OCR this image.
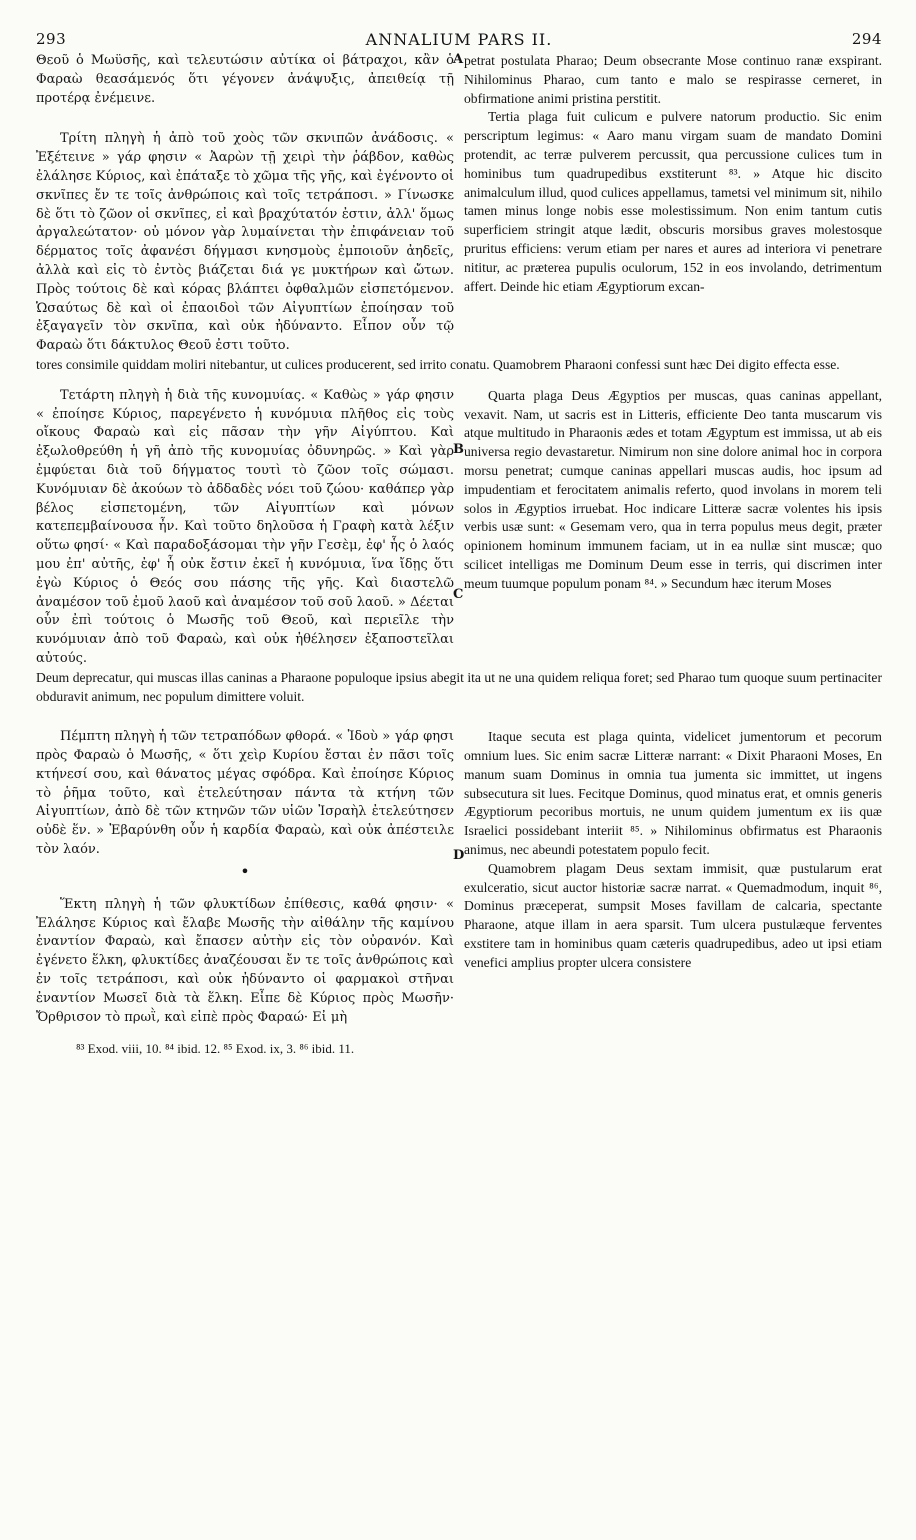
293	ANNALIUM PARS II.	294
A
B

Θεοῦ ὁ Μωϋσῆς, καὶ τελευτώσιν αὐτίκα οἱ βάτραχοι, κἂν ὁ Φαραὼ θεασάμενός ὅτι γέγονεν ἀνάψυξις, ἀπειθείᾳ τῇ προτέρᾳ ἐνέμεινε.

Τρίτη πληγὴ ἡ ἀπὸ τοῦ χοὸς τῶν σκνιπῶν ἀνάδοσις. « Ἐξέτεινε » γάρ φησιν « Ἀαρὼν τῇ χειρὶ τὴν ῥάβδον, καθὼς ἐλάλησε Κύριος, καὶ ἐπάταξε τὸ χῶμα τῆς γῆς, καὶ ἐγένοντο οἱ σκνῖπες ἔν τε τοῖς ἀνθρώποις καὶ τοῖς τετράποσι. » Γίνωσκε δὲ ὅτι τὸ ζῶον οἱ σκνῖπες, εἰ καὶ βραχύτατόν ἐστιν, ἀλλ' ὅμως ἀργαλεώτατον· οὐ μόνον γὰρ λυμαίνεται τὴν ἐπιφάνειαν τοῦ δέρματος τοῖς ἀφανέσι δήγμασι κνησμοὺς ἐμποιοῦν ἀηδεῖς, ἀλλὰ καὶ εἰς τὸ ἐντὸς βιάζεται διά γε μυκτήρων καὶ ὤτων. Πρὸς τούτοις δὲ καὶ κόρας βλάπτει ὀφθαλμῶν εἰσπετόμενον. Ὡσαύτως δὲ καὶ οἱ ἐπαοιδοὶ τῶν Αἰγυπτίων ἐποίησαν τοῦ ἐξαγαγεῖν τὸν σκνῖπα, καὶ οὐκ ἠδύναντο. Εἶπον οὖν τῷ Φαραὼ ὅτι δάκτυλος Θεοῦ ἐστι τοῦτο.

petrat postulata Pharao; Deum obsecrante Mose continuo ranæ exspirant. Nihilominus Pharao, cum tanto e malo se respirasse cerneret, in obfirmatione animi pristina perstitit.

Tertia plaga fuit culicum e pulvere natorum productio. Sic enim perscriptum legimus: « Aaro manu virgam suam de mandato Domini protendit, ac terræ pulverem percussit, qua percussione culices tum in hominibus tum quadrupedibus exstiterunt ⁸³. » Atque hic discito animalculum illud, quod culices appellamus, tametsi vel minimum sit, nihilo tamen minus longe nobis esse molestissimum. Non enim tantum cutis superficiem stringit atque lædit, obscuris morsibus graves molestosque pruritus efficiens: verum etiam per nares et aures ad interiora vi penetrare nititur, ac præterea pupulis oculorum, 152 in eos involando, detrimentum affert. Deinde hic etiam Ægyptiorum excan-

tores consimile quiddam moliri nitebantur, ut culices producerent, sed irrito conatu. Quamobrem Pharaoni confessi sunt hæc Dei digito effecta esse.

C

Τετάρτη πληγὴ ἡ διὰ τῆς κυνομυίας. « Καθὼς » γάρ φησιν « ἐποίησε Κύριος, παρεγένετο ἡ κυνόμυια πλῆθος εἰς τοὺς οἴκους Φαραὼ καὶ εἰς πᾶσαν τὴν γῆν Αἰγύπτου. Καὶ ἐξωλοθρεύθη ἡ γῆ ἀπὸ τῆς κυνομυίας ὀδυνηρῶς. » Καὶ γὰρ ἐμφύεται διὰ τοῦ δήγματος τουτὶ τὸ ζῶον τοῖς σώμασι. Κυνόμυιαν δὲ ἀκούων τὸ ἀδδαδὲς νόει τοῦ ζώου· καθάπερ γὰρ βέλος εἰσπετομένη, τῶν Αἰγυπτίων καὶ μόνων κατεπεμβαίνουσα ἦν. Καὶ τοῦτο δηλοῦσα ἡ Γραφὴ κατὰ λέξιν οὕτω φησί· « Καὶ παραδοξάσομαι τὴν γῆν Γεσὲμ, ἐφ' ἧς ὁ λαός μου ἐπ' αὐτῆς, ἐφ' ἧ οὐκ ἔστιν ἐκεῖ ἡ κυνόμυια, ἵνα ἴδῃς ὅτι ἐγὼ Κύριος ὁ Θεός σου πάσης τῆς γῆς. Καὶ διαστελῶ ἀναμέσον τοῦ ἐμοῦ λαοῦ καὶ ἀναμέσον τοῦ σοῦ λαοῦ. » Δέεται οὖν ἐπὶ τούτοις ὁ Μωσῆς τοῦ Θεοῦ, καὶ περιεῖλε τὴν κυνόμυιαν ἀπὸ τοῦ Φαραὼ, καὶ οὐκ ἠθέλησεν ἐξαποστεῖλαι αὐτούς.

Quarta plaga Deus Ægyptios per muscas, quas caninas appellant, vexavit. Nam, ut sacris est in Litteris, efficiente Deo tanta muscarum vis atque multitudo in Pharaonis ædes et totam Ægyptum est immissa, ut ab eis universa regio devastaretur. Nimirum non sine dolore animal hoc in corpora morsu penetrat; cumque caninas appellari muscas audis, hoc ipsum ad impudentiam et ferocitatem animalis referto, quod involans in morem teli solos in Ægyptios irruebat. Hoc indicare Litteræ sacræ volentes his ipsis verbis usæ sunt: « Gesemam vero, qua in terra populus meus degit, præter opinionem hominum immunem faciam, ut in ea nullæ sint muscæ; quo scilicet intelligas me Dominum Deum esse in terris, qui discrimen inter meum tuumque populum ponam ⁸⁴. » Secundum hæc iterum Moses

Deum deprecatur, qui muscas illas caninas a Pharaone populoque ipsius abegit ita ut ne una quidem reliqua foret; sed Pharao tum quoque suum pertinaciter obduravit animum, nec populum dimittere voluit.

D

Πέμπτη πληγὴ ἡ τῶν τετραπόδων φθορά. « Ἰδοὺ » γάρ φησι πρὸς Φαραὼ ὁ Μωσῆς, « ὅτι χεὶρ Κυρίου ἔσται ἐν πᾶσι τοῖς κτήνεσί σου, καὶ θάνατος μέγας σφόδρα. Καὶ ἐποίησε Κύριος τὸ ῥῆμα τοῦτο, καὶ ἐτελεύτησαν πάντα τὰ κτήνη τῶν Αἰγυπτίων, ἀπὸ δὲ τῶν κτηνῶν τῶν υἱῶν Ἰσραὴλ ἐτελεύτησεν οὐδὲ ἕν. » Ἐβαρύνθη οὖν ἡ καρδία Φαραὼ, καὶ οὐκ ἀπέστειλε τὸν λαόν.

•

Ἕκτη πληγὴ ἡ τῶν φλυκτίδων ἐπίθεσις, καθά φησιν· « Ἐλάλησε Κύριος καὶ ἔλαβε Μωσῆς τὴν αἰθάλην τῆς καμίνου ἐναντίον Φαραὼ, καὶ ἔπασεν αὐτὴν εἰς τὸν οὐρανόν. Καὶ ἐγένετο ἕλκη, φλυκτίδες ἀναζέουσαι ἔν τε τοῖς ἀνθρώποις καὶ ἐν τοῖς τετράποσι, καὶ οὐκ ἠδύναντο οἱ φαρμακοὶ στῆναι ἐναντίον Μωσεῖ διὰ τὰ ἕλκη. Εἶπε δὲ Κύριος πρὸς Μωσῆν· Ὄρθρισον τὸ πρωῒ, καὶ εἰπὲ πρὸς Φαραώ· Εἰ μὴ

Itaque secuta est plaga quinta, videlicet jumentorum et pecorum omnium lues. Sic enim sacræ Litteræ narrant: « Dixit Pharaoni Moses, En manum suam Dominus in omnia tua jumenta sic immittet, ut ingens subsecutura sit lues. Fecitque Dominus, quod minatus erat, et omnis generis Ægyptiorum pecoribus mortuis, ne unum quidem jumentum ex iis quæ Israelici possidebant interiit ⁸⁵. » Nihilominus obfirmatus est Pharaonis animus, nec abeundi potestatem populo fecit.

Quamobrem plagam Deus sextam immisit, quæ pustularum erat exulceratio, sicut auctor historiæ sacræ narrat. « Quemadmodum, inquit ⁸⁶, Dominus præceperat, sumpsit Moses favillam de calcaria, spectante Pharaone, atque illam in aera sparsit. Tum ulcera pustulæque ferventes exstitere tam in hominibus quam cæteris quadrupedibus, adeo ut ipsi etiam venefici amplius propter ulcera consistere

⁸³ Exod. viii, 10. ⁸⁴ ibid. 12. ⁸⁵ Exod. ix, 3. ⁸⁶ ibid. 11.
